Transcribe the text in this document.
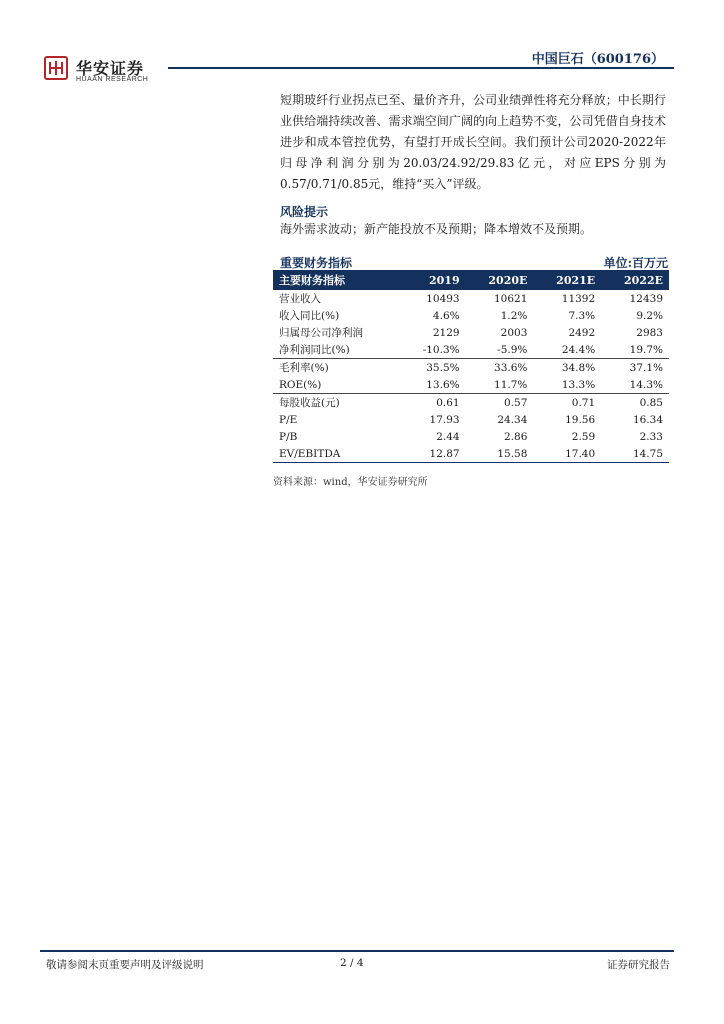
华安证券
HUAAN RESEARCH
中国巨石（600176）
短期玻纤行业拐点已至、量价齐升，公司业绩弹性将充分释放；中长期行业供给端持续改善、需求端空间广阔的向上趋势不变，公司凭借自身技术进步和成本管控优势，有望打开成长空间。我们预计公司2020-2022年归母净利润分别为20.03/24.92/29.83亿元，对应EPS分别为0.57/0.71/0.85元，维持“买入”评级。
风险提示
海外需求波动；新产能投放不及预期；降本增效不及预期。
重要财务指标	单位:百万元
主要财务指标	2019	2020E	2021E	2022E
营业收入	10493	10621	11392	12439
收入同比(%)	4.6%	1.2%	7.3%	9.2%
归属母公司净利润	2129	2003	2492	2983
净利润同比(%)	-10.3%	-5.9%	24.4%	19.7%
毛利率(%)	35.5%	33.6%	34.8%	37.1%
ROE(%)	13.6%	11.7%	13.3%	14.3%
每股收益(元)	0.61	0.57	0.71	0.85
P/E	17.93	24.34	19.56	16.34
P/B	2.44	2.86	2.59	2.33
EV/EBITDA	12.87	15.58	17.40	14.75
资料来源：wind，华安证券研究所
敬请参阅末页重要声明及评级说明	2 / 4	证券研究报告
